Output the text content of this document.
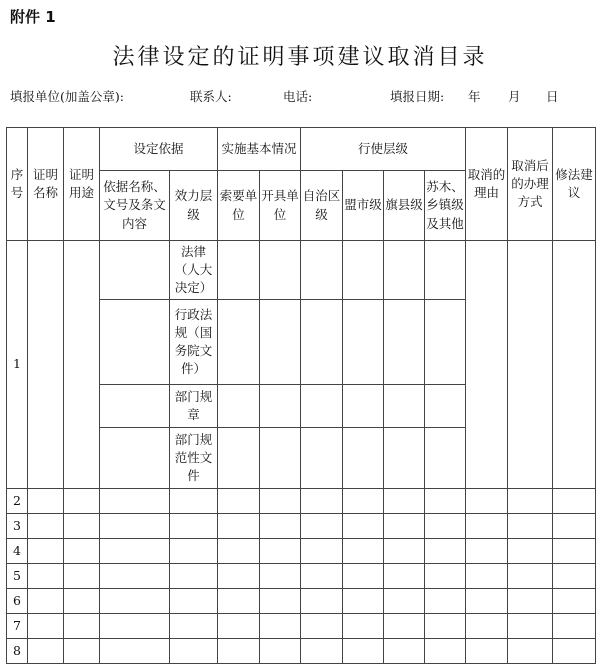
附件 1
法律设定的证明事项建议取消目录
填报单位(加盖公章):	联系人:	电话:	填报日期: 年 月 日
序号	证明名称	证明用途	设定依据		实施基本情况		行使层级				取消的理由	取消后的办理方式	修法建议
			依据名称、文号及条文内容	效力层级	索要单位	开具单位	自治区级	盟市级	旗县级	苏木、乡镇级及其他			
1				法律（人大决定）									
				行政法规（国务院文件）									
				部门规章									
				部门规范性文件									
2													
3													
4													
5													
6													
7													
8													
